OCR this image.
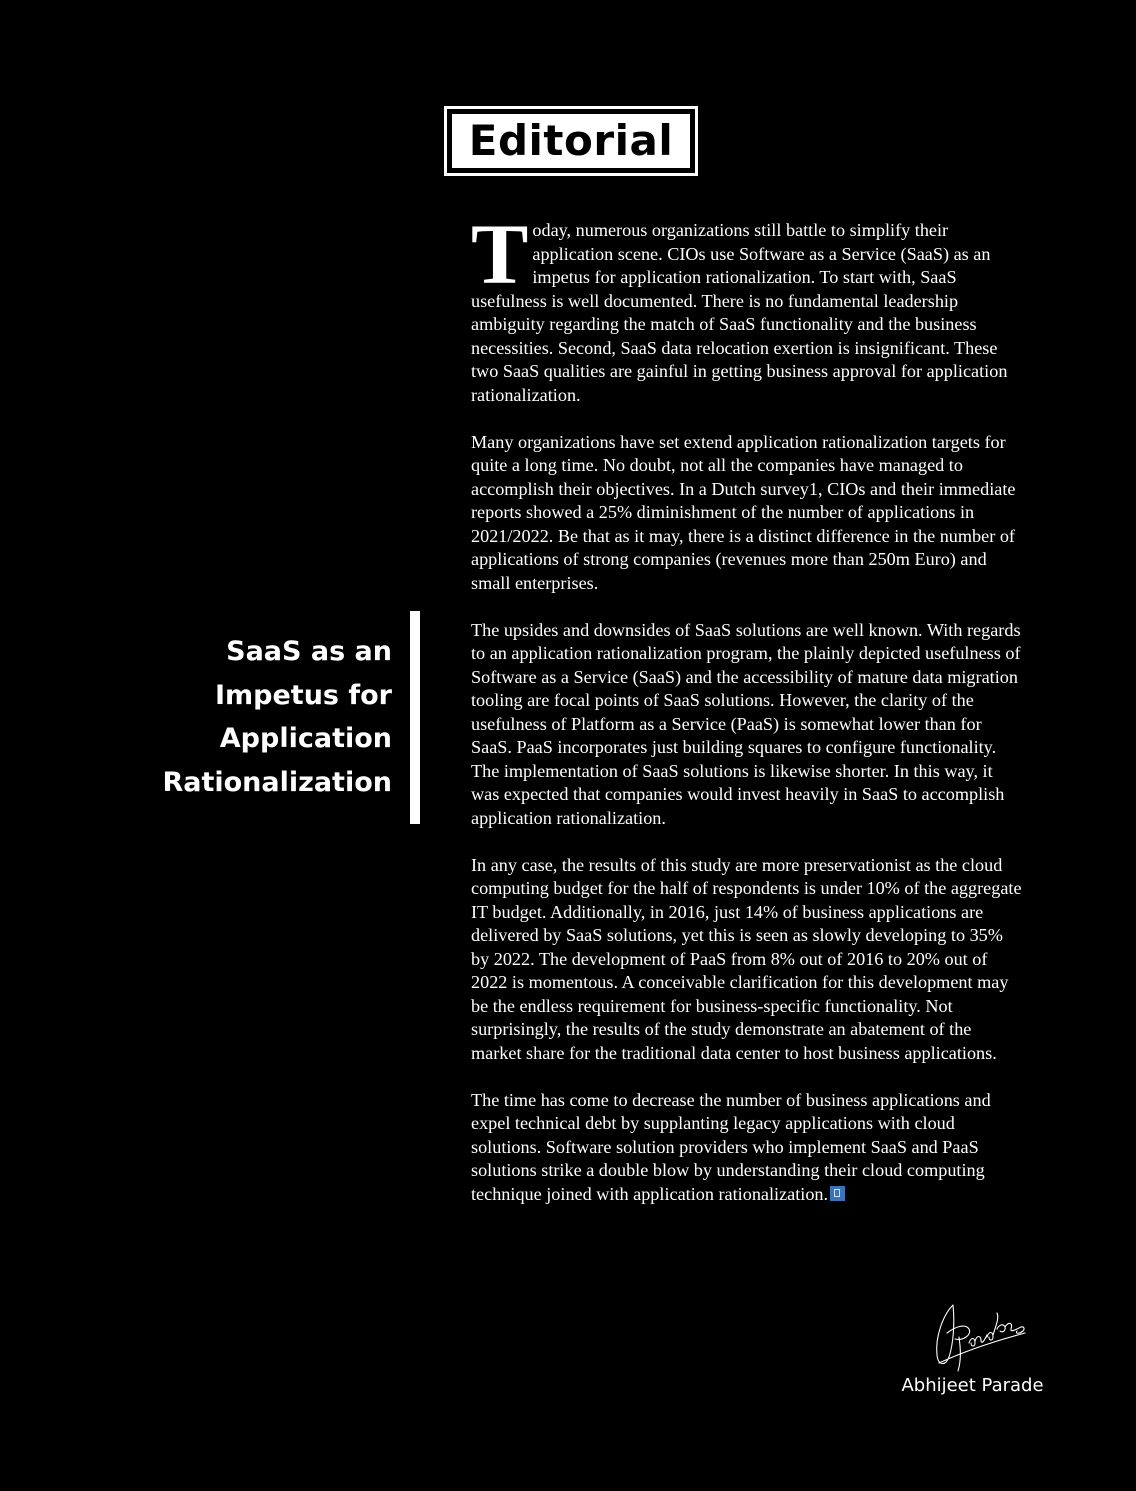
Editorial
SaaS as an
Impetus for
Application
Rationalization

Today, numerous organizations still battle to simplify their application scene. CIOs use Software as a Service (SaaS) as an impetus for application rationalization. To start with, SaaS usefulness is well documented. There is no fundamental leadership ambiguity regarding the match of SaaS functionality and the business necessities. Second, SaaS data relocation exertion is insignificant. These two SaaS qualities are gainful in getting business approval for application rationalization.

Many organizations have set extend application rationalization targets for quite a long time. No doubt, not all the companies have managed to accomplish their objectives. In a Dutch survey1, CIOs and their immediate reports showed a 25% diminishment of the number of applications in 2021/2022. Be that as it may, there is a distinct difference in the number of applications of strong companies (revenues more than 250m Euro) and small enterprises.

The upsides and downsides of SaaS solutions are well known. With regards to an application rationalization program, the plainly depicted usefulness of Software as a Service (SaaS) and the accessibility of mature data migration tooling are focal points of SaaS solutions. However, the clarity of the usefulness of Platform as a Service (PaaS) is somewhat lower than for SaaS. PaaS incorporates just building squares to configure functionality. The implementation of SaaS solutions is likewise shorter. In this way, it was expected that companies would invest heavily in SaaS to accomplish application rationalization.

In any case, the results of this study are more preservationist as the cloud computing budget for the half of respondents is under 10% of the aggregate IT budget. Additionally, in 2016, just 14% of business applications are delivered by SaaS solutions, yet this is seen as slowly developing to 35% by 2022. The development of PaaS from 8% out of 2016 to 20% out of 2022 is momentous. A conceivable clarification for this development may be the endless requirement for business-specific functionality. Not surprisingly, the results of the study demonstrate an abatement of the market share for the traditional data center to host business applications.

The time has come to decrease the number of business applications and expel technical debt by supplanting legacy applications with cloud solutions. Software solution providers who implement SaaS and PaaS solutions strike a double blow by understanding their cloud computing technique joined with application rationalization.

Abhijeet Parade
